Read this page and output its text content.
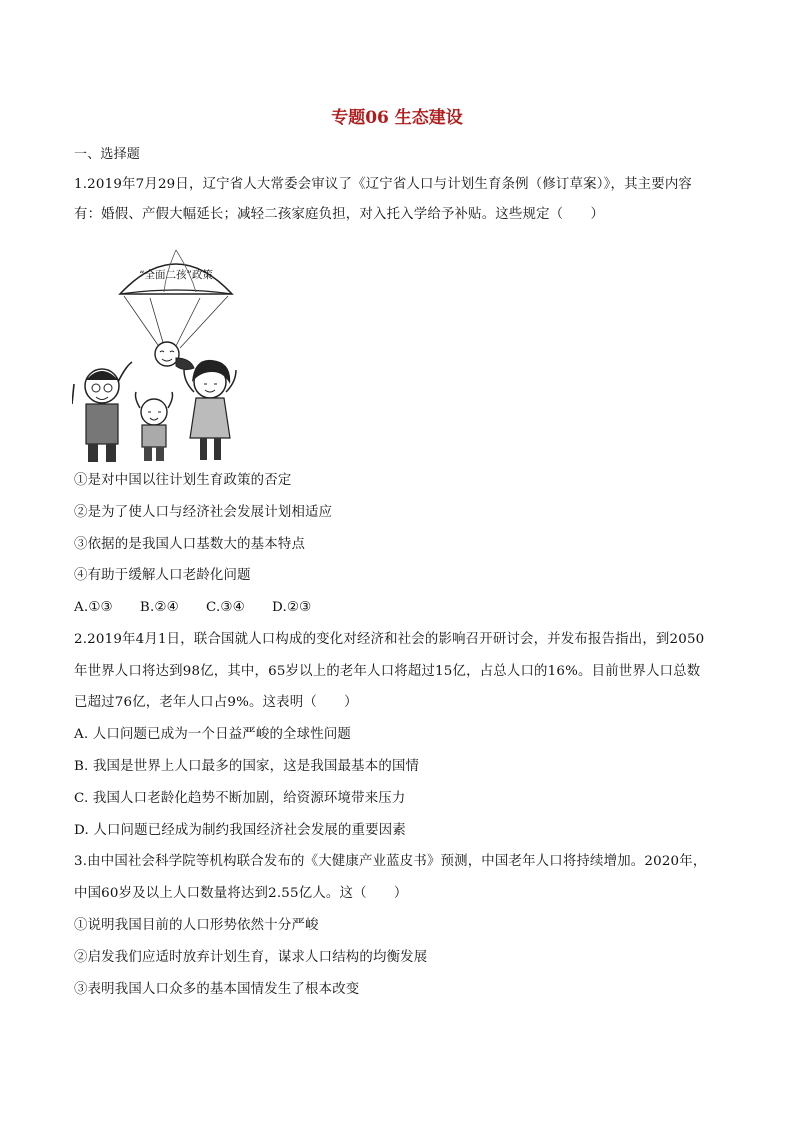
专题06 生态建设
一、选择题
1.2019年7月29日，辽宁省人大常委会审议了《辽宁省人口与计划生育条例（修订草案）》，其主要内容
有：婚假、产假大幅延长；减轻二孩家庭负担，对入托入学给予补贴。这些规定（　　）
“全面二孩”政策
①是对中国以往计划生育政策的否定
②是为了使人口与经济社会发展计划相适应
③依据的是我国人口基数大的基本特点
④有助于缓解人口老龄化问题
A.①③　　B.②④　　C.③④　　D.②③
2.2019年4月1日，联合国就人口构成的变化对经济和社会的影响召开研讨会，并发布报告指出，到2050
年世界人口将达到98亿，其中，65岁以上的老年人口将超过15亿，占总人口的16%。目前世界人口总数
已超过76亿，老年人口占9%。这表明（　　）
A. 人口问题已成为一个日益严峻的全球性问题
B. 我国是世界上人口最多的国家，这是我国最基本的国情
C. 我国人口老龄化趋势不断加剧，给资源环境带来压力
D. 人口问题已经成为制约我国经济社会发展的重要因素
3.由中国社会科学院等机构联合发布的《大健康产业蓝皮书》预测，中国老年人口将持续增加。2020年，
中国60岁及以上人口数量将达到2.55亿人。这（　　）
①说明我国目前的人口形势依然十分严峻
②启发我们应适时放弃计划生育，谋求人口结构的均衡发展
③表明我国人口众多的基本国情发生了根本改变
